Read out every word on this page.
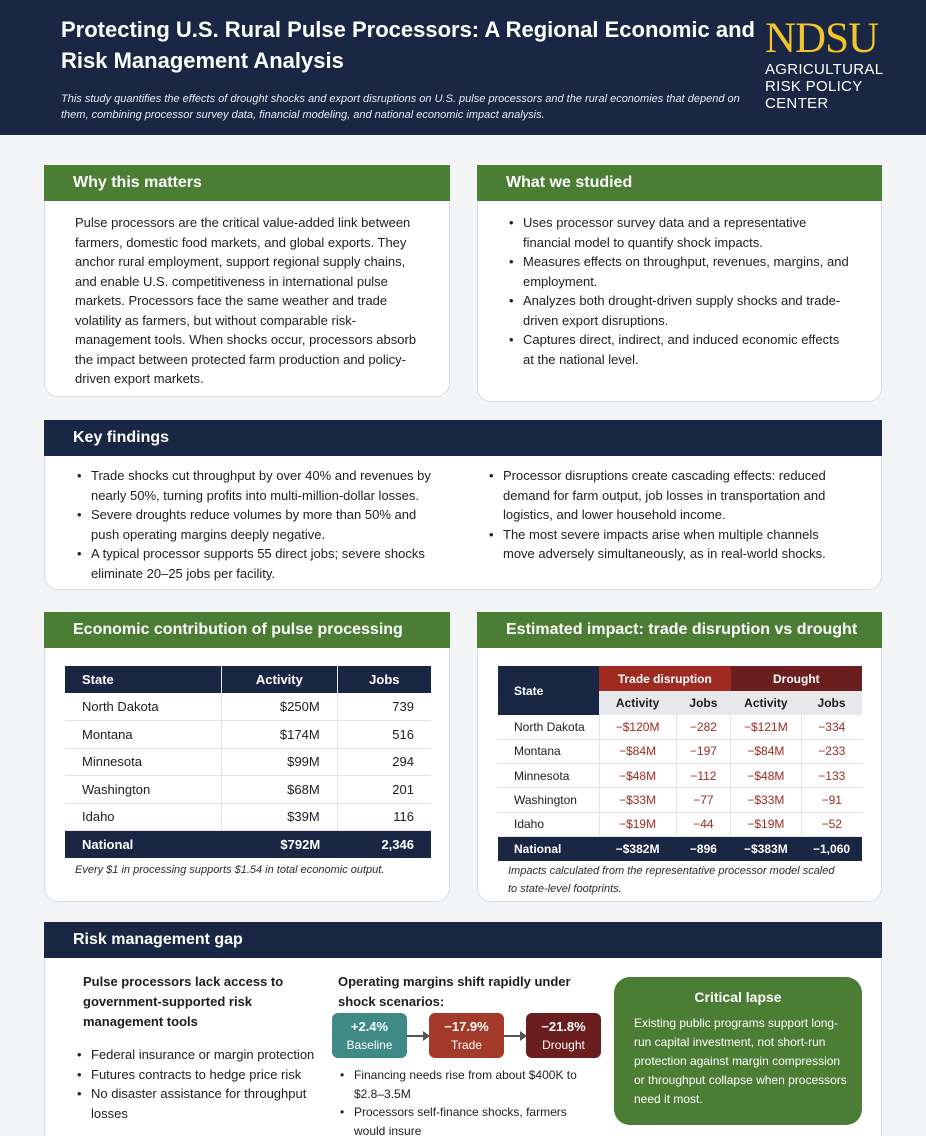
Protecting U.S. Rural Pulse Processors: A Regional Economic and Risk Management Analysis

This study quantifies the effects of drought shocks and export disruptions on U.S. pulse processors and the rural economies that depend on them, combining processor survey data, financial modeling, and national economic impact analysis.

NDSU
AGRICULTURAL
RISK POLICY
CENTER
Why this matters

Pulse processors are the critical value-added link between farmers, domestic food markets, and global exports. They anchor rural employment, support regional supply chains, and enable U.S. competitiveness in international pulse markets. Processors face the same weather and trade volatility as farmers, but without comparable risk-management tools. When shocks occur, processors absorb the impact between protected farm production and policy-driven export markets.

What we studied
• Uses processor survey data and a representative financial model to quantify shock impacts.
• Measures effects on throughput, revenues, margins, and employment.
• Analyzes both drought-driven supply shocks and trade-driven export disruptions.
• Captures direct, indirect, and induced economic effects at the national level.
Key findings
• Trade shocks cut throughput by over 40% and revenues by nearly 50%, turning profits into multi-million-dollar losses.
• Severe droughts reduce volumes by more than 50% and push operating margins deeply negative.
• A typical processor supports 55 direct jobs; severe shocks eliminate 20–25 jobs per facility.
• Processor disruptions create cascading effects: reduced demand for farm output, job losses in transportation and logistics, and lower household income.
• The most severe impacts arise when multiple channels move adversely simultaneously, as in real-world shocks.
Economic contribution of pulse processing
State	Activity	Jobs
North Dakota	$250M	739
Montana	$174M	516
Minnesota	$99M	294
Washington	$68M	201
Idaho	$39M	116
National	$792M	2,346

Every $1 in processing supports $1.54 in total economic output.

Estimated impact: trade disruption vs drought
State	Trade disruption		Drought	
	Activity	Jobs	Activity	Jobs
North Dakota	−$120M	−282	−$121M	−334
Montana	−$84M	−197	−$84M	−233
Minnesota	−$48M	−112	−$48M	−133
Washington	−$33M	−77	−$33M	−91
Idaho	−$19M	−44	−$19M	−52
National	−$382M	−896	−$383M	−1,060

Impacts calculated from the representative processor model scaled to state-level footprints.

Risk management gap

Pulse processors lack access to government-supported risk management tools

• Federal insurance or margin protection
• Futures contracts to hedge price risk
• No disaster assistance for throughput losses

Operating margins shift rapidly under shock scenarios:

+2.4%
Baseline
−17.9%
Trade
−21.8%
Drought
• Financing needs rise from about $400K to $2.8–3.5M
• Processors self-finance shocks, farmers would insure
Critical lapse

Existing public programs support long-run capital investment, not short-run protection against margin compression or throughput collapse when processors need it most.
